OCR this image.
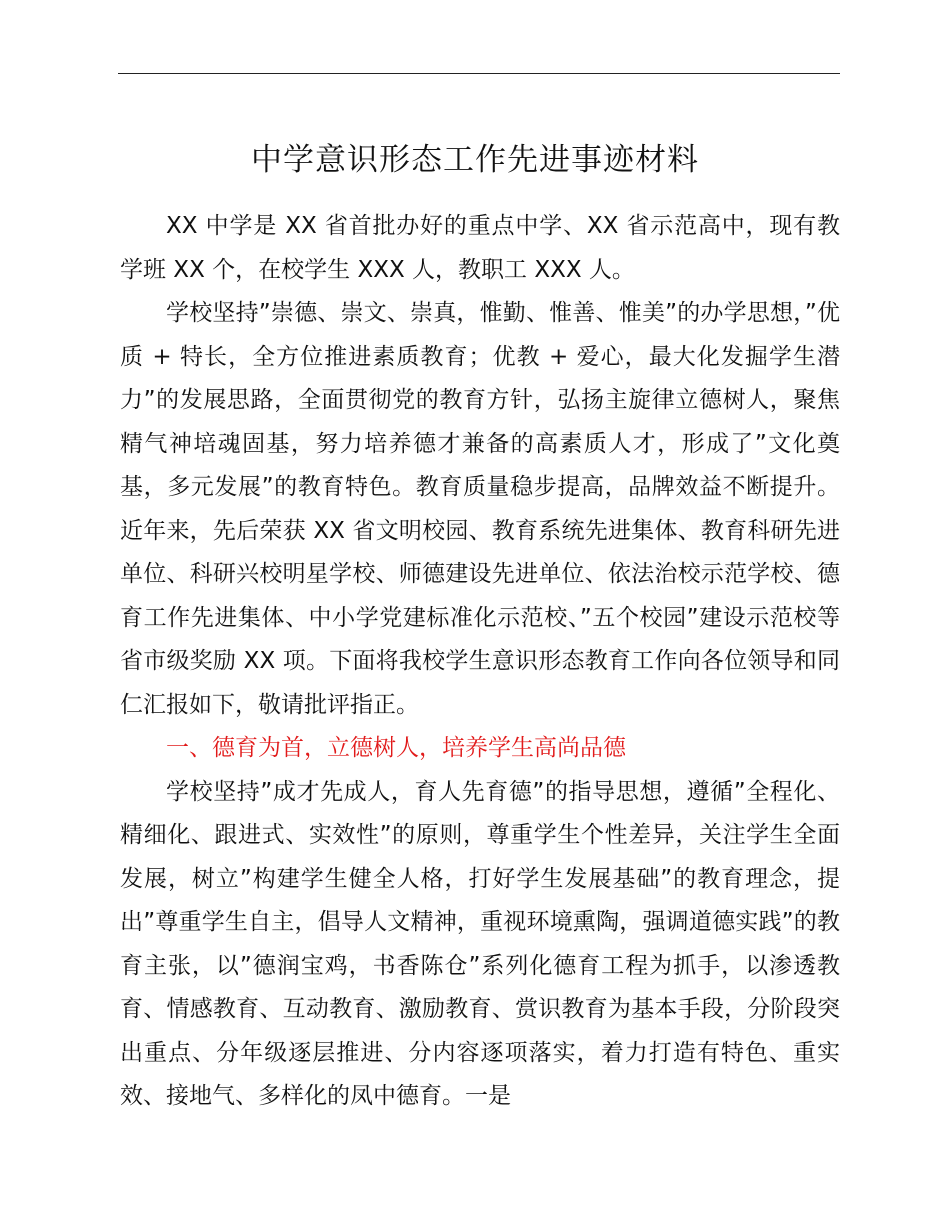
中学意识形态工作先进事迹材料

XX 中学是 XX 省首批办好的重点中学、XX 省示范高中，现有教学班 XX 个，在校学生 XXX 人，教职工 XXX 人。

学校坚持”崇德、崇文、崇真，惟勤、惟善、惟美”的办学思想，”优质 + 特长，全方位推进素质教育；优教 + 爱心，最大化发掘学生潜力”的发展思路，全面贯彻党的教育方针，弘扬主旋律立德树人，聚焦精气神培魂固基，努力培养德才兼备的高素质人才，形成了”文化奠基，多元发展”的教育特色。教育质量稳步提高，品牌效益不断提升。近年来，先后荣获 XX 省文明校园、教育系统先进集体、教育科研先进单位、科研兴校明星学校、师德建设先进单位、依法治校示范学校、德育工作先进集体、中小学党建标准化示范校、”五个校园”建设示范校等省市级奖励 XX 项。下面将我校学生意识形态教育工作向各位领导和同仁汇报如下，敬请批评指正。

一、德育为首，立德树人，培养学生高尚品德

学校坚持”成才先成人，育人先育德”的指导思想，遵循”全程化、精细化、跟进式、实效性”的原则，尊重学生个性差异，关注学生全面发展，树立”构建学生健全人格，打好学生发展基础”的教育理念，提出”尊重学生自主，倡导人文精神，重视环境熏陶，强调道德实践”的教育主张，以”德润宝鸡，书香陈仓”系列化德育工程为抓手，以渗透教育、情感教育、互动教育、激励教育、赏识教育为基本手段，分阶段突出重点、分年级逐层推进、分内容逐项落实，着力打造有特色、重实效、接地气、多样化的凤中德育。一是
